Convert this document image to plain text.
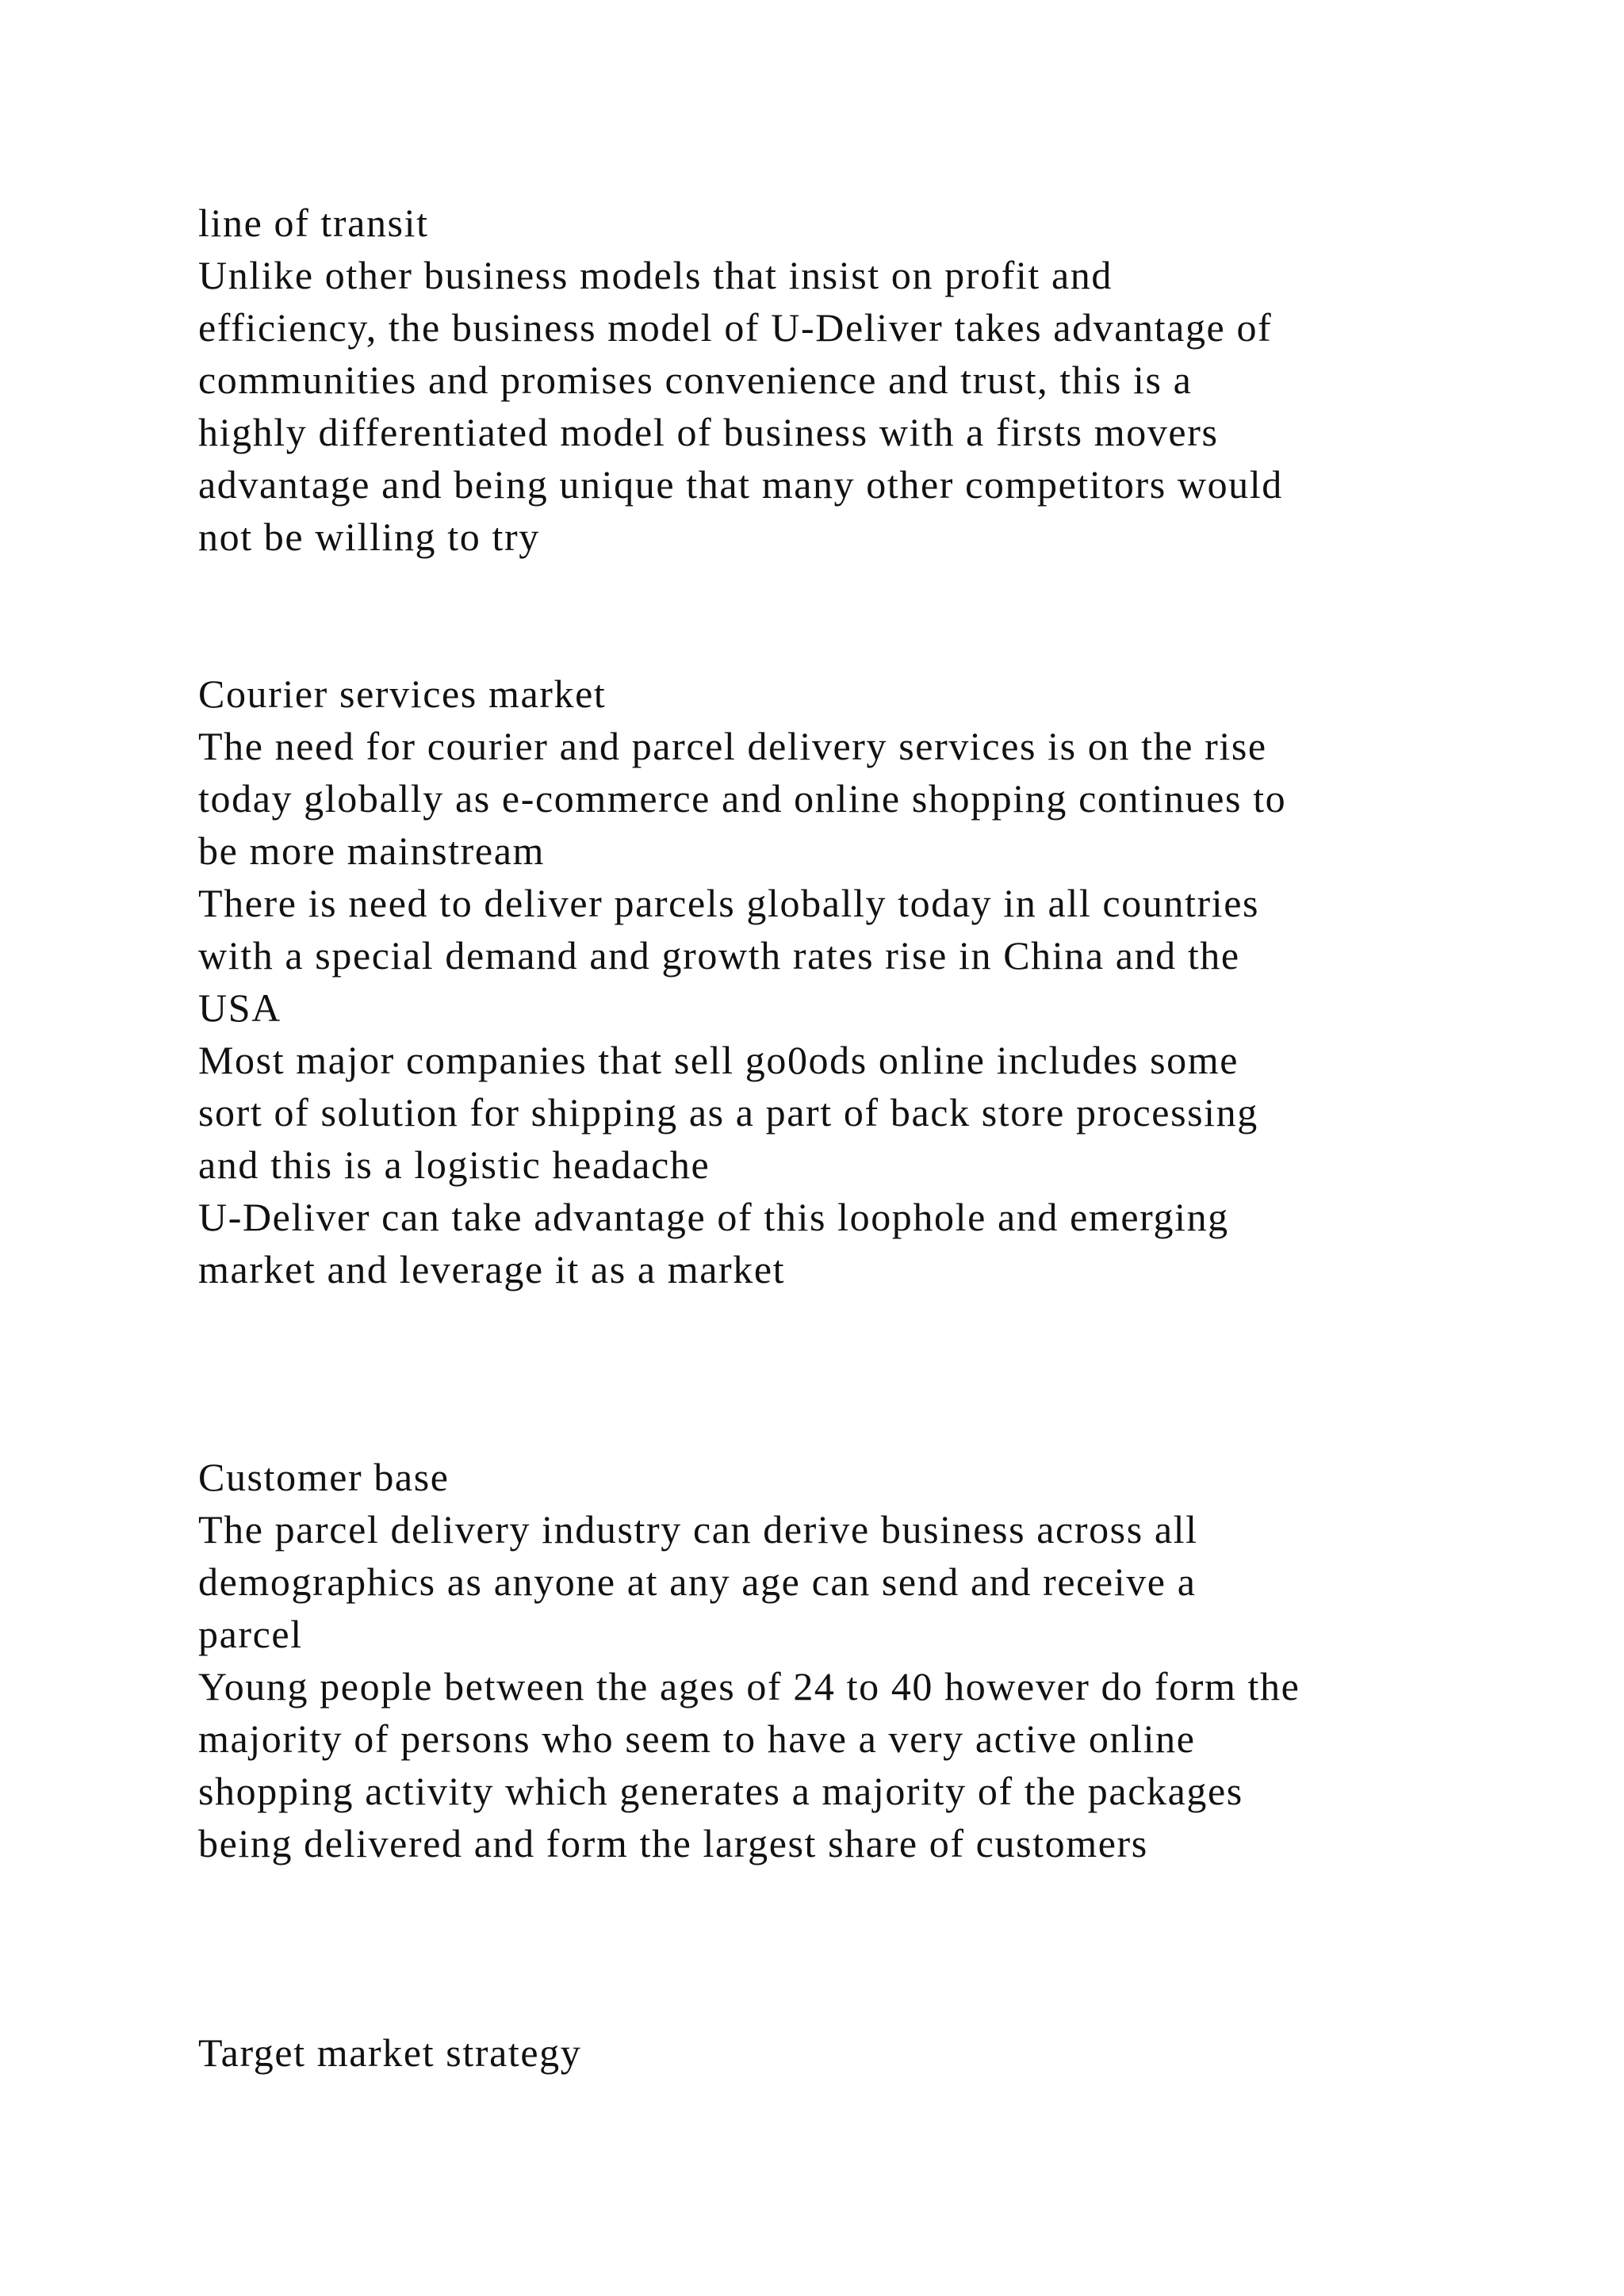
line of transit
Unlike other business models that insist on profit and
efficiency, the business model of U-Deliver takes advantage of
communities and promises convenience and trust, this is a
highly differentiated model of business with a firsts movers
advantage and being unique that many other competitors would
not be willing to try
Courier services market
The need for courier and parcel delivery services is on the rise
today globally as e-commerce and online shopping continues to
be more mainstream
There is need to deliver parcels globally today in all countries
with a special demand and growth rates rise in China and the
USA
Most major companies that sell go0ods online includes some
sort of solution for shipping as a part of back store processing
and this is a logistic headache
U-Deliver can take advantage of this loophole and emerging
market and leverage it as a market
Customer base
The parcel delivery industry can derive business across all
demographics as anyone at any age can send and receive a
parcel
Young people between the ages of 24 to 40 however do form the
majority of persons who seem to have a very active online
shopping activity which generates a majority of the packages
being delivered and form the largest share of customers
Target market strategy
